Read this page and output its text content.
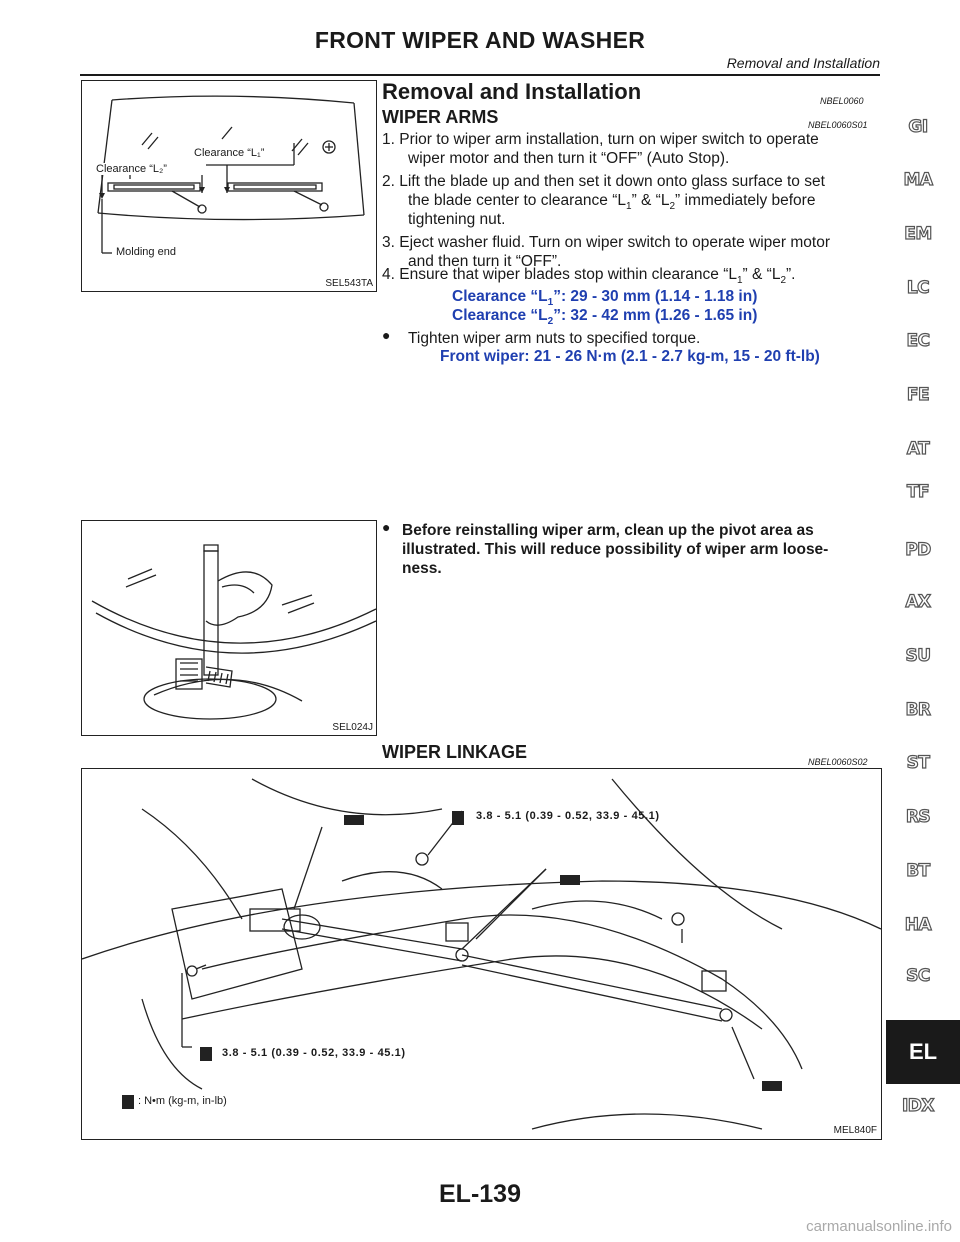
FRONT WIPER AND WASHER
Removal and Installation
Clearance “L₁”
Clearance “L₂”
Molding end
SEL543TA
SEL024J
3.8 - 5.1 (0.39 - 0.52, 33.9 - 45.1)
3.8 - 5.1 (0.39 - 0.52, 33.9 - 45.1)
: N•m (kg-m, in-lb)
MEL840F
Removal and Installation	NBEL0060
WIPER ARMS	NBEL0060S01
1. Prior to wiper arm installation, turn on wiper switch to operate
wiper motor and then turn it “OFF” (Auto Stop).
2. Lift the blade up and then set it down onto glass surface to set
the blade center to clearance “$L_1$” & “$L_2$” immediately before
tightening nut.
3. Eject washer fluid. Turn on wiper switch to operate wiper motor
and then turn it “OFF”.
4. Ensure that wiper blades stop within clearance “$L_1$” & “$L_2$”.
Clearance “$L_1$”: 29 - 30 mm (1.14 - 1.18 in)
Clearance “$L_2$”: 32 - 42 mm (1.26 - 1.65 in)
● Tighten wiper arm nuts to specified torque.
Front wiper: 21 - 26 N·m (2.1 - 2.7 kg-m, 15 - 20 ft-lb)
● Before reinstalling wiper arm, clean up the pivot area as
illustrated. This will reduce possibility of wiper arm loose-
ness.
WIPER LINKAGE	NBEL0060S02
GI
MA
EM
LC
EC
FE
AT
TF
PD
AX
SU
BR
ST
RS
BT
HA
SC
EL
IDX
EL-139
carmanualsonline.info
